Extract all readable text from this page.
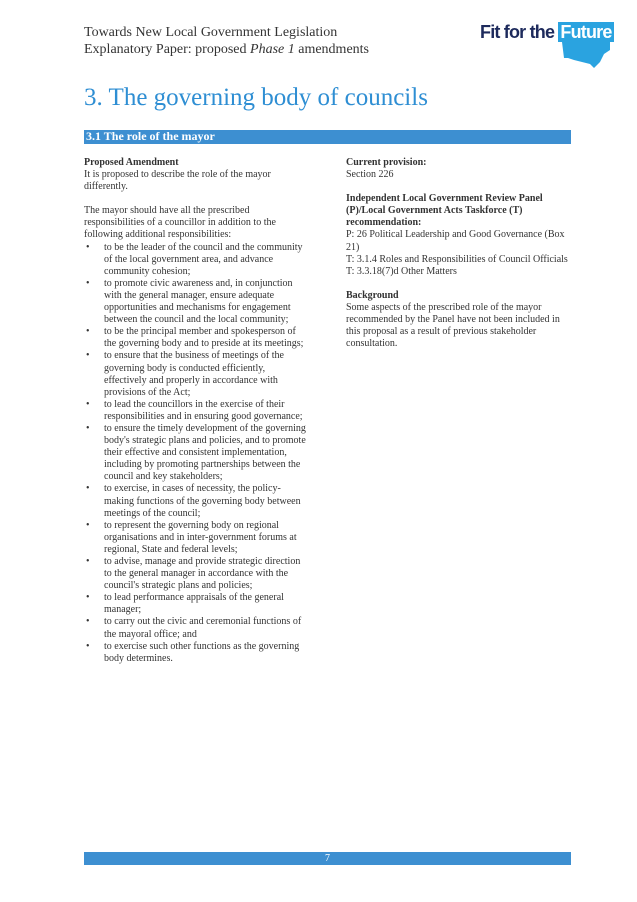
Towards New Local Government Legislation
Explanatory Paper: proposed Phase 1 amendments
Fit for the Future
3. The governing body of councils
3.1 The role of the mayor

Proposed Amendment

It is proposed to describe the role of the mayor differently.

The mayor should have all the prescribed responsibilities of a councillor in addition to the following additional responsibilities:

• to be the leader of the council and the community of the local government area, and advance community cohesion;
• to promote civic awareness and, in conjunction with the general manager, ensure adequate opportunities and mechanisms for engagement between the council and the local community;
• to be the principal member and spokesperson of the governing body and to preside at its meetings;
• to ensure that the business of meetings of the governing body is conducted efficiently, effectively and properly in accordance with provisions of the Act;
• to lead the councillors in the exercise of their responsibilities and in ensuring good governance;
• to ensure the timely development of the governing body's strategic plans and policies, and to promote their effective and consistent implementation, including by promoting partnerships between the council and key stakeholders;
• to exercise, in cases of necessity, the policy-making functions of the governing body between meetings of the council;
• to represent the governing body on regional organisations and in inter-government forums at regional, State and federal levels;
• to advise, manage and provide strategic direction to the general manager in accordance with the council's strategic plans and policies;
• to lead performance appraisals of the general manager;
• to carry out the civic and ceremonial functions of the mayoral office; and
• to exercise such other functions as the governing body determines.

Current provision:

Section 226

Independent Local Government Review Panel (P)/Local Government Acts Taskforce (T) recommendation:

P: 26 Political Leadership and Good Governance (Box 21)

T: 3.1.4 Roles and Responsibilities of Council Officials

T: 3.3.18(7)d Other Matters

Background

Some aspects of the prescribed role of the mayor recommended by the Panel have not been included in this proposal as a result of previous stakeholder consultation.

7
